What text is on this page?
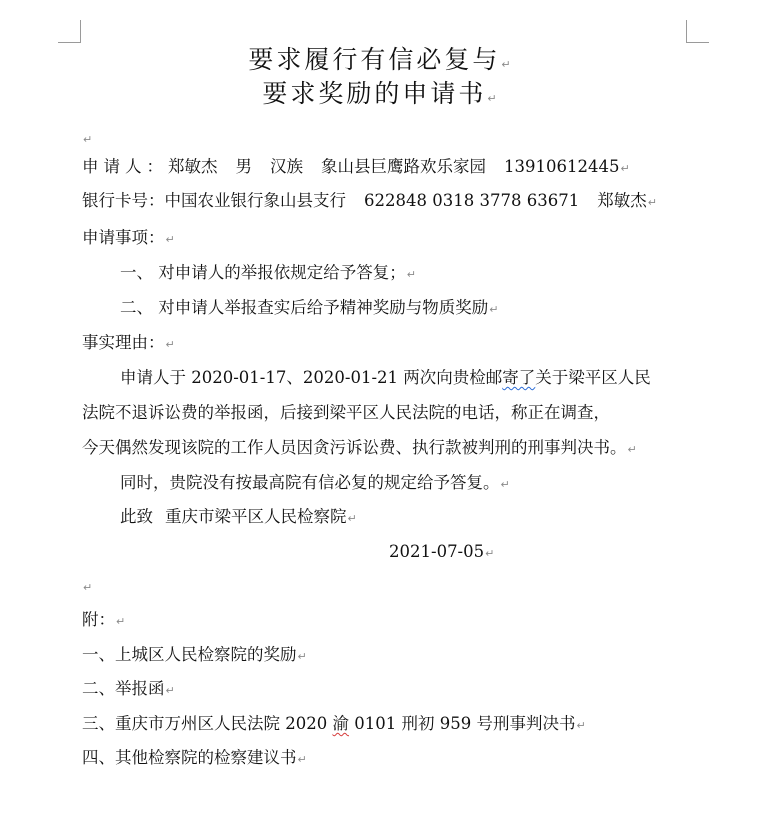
要求履行有信必复与↵
要求奖励的申请书↵
↵
申请人：郑敏杰 男 汉族 象山县巨鹰路欢乐家园 13910612445↵
银行卡号：中国农业银行象山县支行 622848 0318 3778 63671 郑敏杰↵
申请事项：↵
一、 对申请人的举报依规定给予答复；↵
二、 对申请人举报查实后给予精神奖励与物质奖励↵
事实理由：↵
申请人于 2020-01-17、2020-01-21 两次向贵检邮寄了关于梁平区人民
法院不退诉讼费的举报函，后接到梁平区人民法院的电话，称正在调查，
今天偶然发现该院的工作人员因贪污诉讼费、执行款被判刑的刑事判决书。↵
同时，贵院没有按最高院有信必复的规定给予答复。↵
此致 重庆市梁平区人民检察院↵
2021-07-05↵
↵
附：↵
一、上城区人民检察院的奖励↵
二、举报函↵
三、重庆市万州区人民法院 2020 渝 0101 刑初 959 号刑事判决书↵
四、其他检察院的检察建议书↵
